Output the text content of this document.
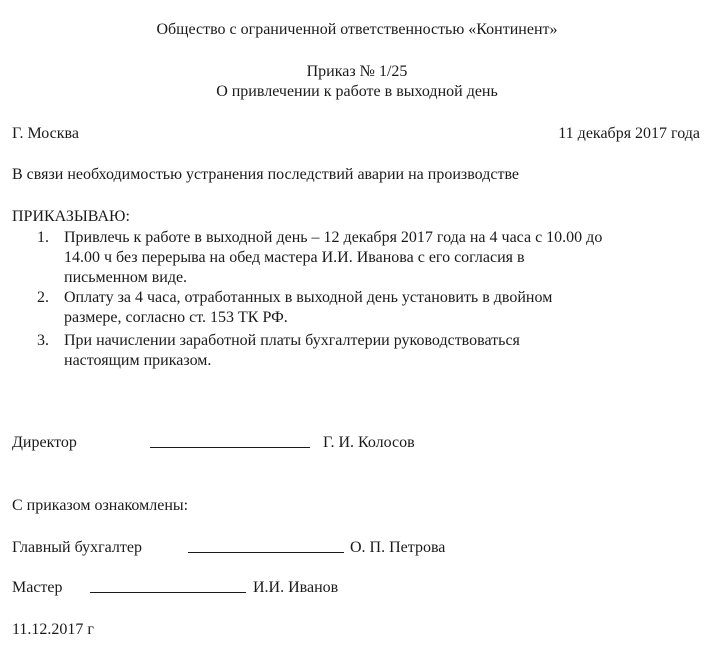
Общество с ограниченной ответственностью «Континент»
Приказ № 1/25
О привлечении к работе в выходной день
Г. Москва	11 декабря 2017 года
В связи необходимостью устранения последствий аварии на производстве
ПРИКАЗЫВАЮ:
1. Привлечь к работе в выходной день – 12 декабря 2017 года на 4 часа с 10.00 до
14.00 ч без перерыва на обед мастера И.И. Иванова с его согласия в
письменном виде.
2. Оплату за 4 часа, отработанных в выходной день установить в двойном
размере, согласно ст. 153 ТК РФ.
3. При начислении заработной платы бухгалтерии руководствоваться
настоящим приказом.
Директор	Г. И. Колосов
С приказом ознакомлены:
Главный бухгалтер	О. П. Петрова
Мастер	И.И. Иванов
11.12.2017 г
